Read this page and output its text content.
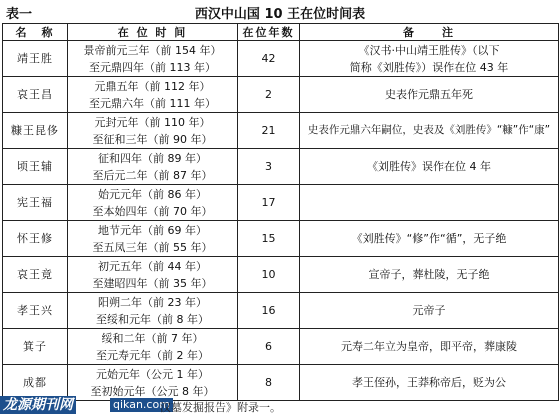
表一	西汉中山国 10 王在位时间表
名　称	在 位 时 间	在位年数	备　　注
靖王胜	景帝前元三年（前 154 年）
至元鼎四年（前 113 年）	42	《汉书·中山靖王胜传》（以下
简称《刘胜传》）误作在位 43 年

哀王昌	元鼎五年（前 112 年）
至元鼎六年（前 111 年）	2	史表作元鼎五年死

糠王昆侈	元封元年（前 110 年）
至征和三年（前 90 年）	21	史表作元鼎六年嗣位，史表及《刘胜传》“糠”作“康”

顷王辅	征和四年（前 89 年）
至后元二年（前 87 年）	3	《刘胜传》误作在位 4 年

宪王福	始元元年（前 86 年）
至本始四年（前 70 年）	17	

怀王修	地节元年（前 69 年）
至五凤三年（前 55 年）	15	《刘胜传》“修”作“循”，无子绝

哀王竟	初元五年（前 44 年）
至建昭四年（前 35 年）	10	宣帝子，葬杜陵，无子绝

孝王兴	阳朔二年（前 23 年）
至绥和元年（前 8 年）	16	元帝子

箕子	绥和二年（前 7 年）
至元寿元年（前 2 年）	6	元寿二年立为皇帝，即平帝，葬康陵

成都	元始元年（公元 1 年）
至初始元年（公元 8 年）	8	孝王侄孙，王莽称帝后，贬为公
龙源期刊网	qikan.com
汉墓发掘报告》附录一。
